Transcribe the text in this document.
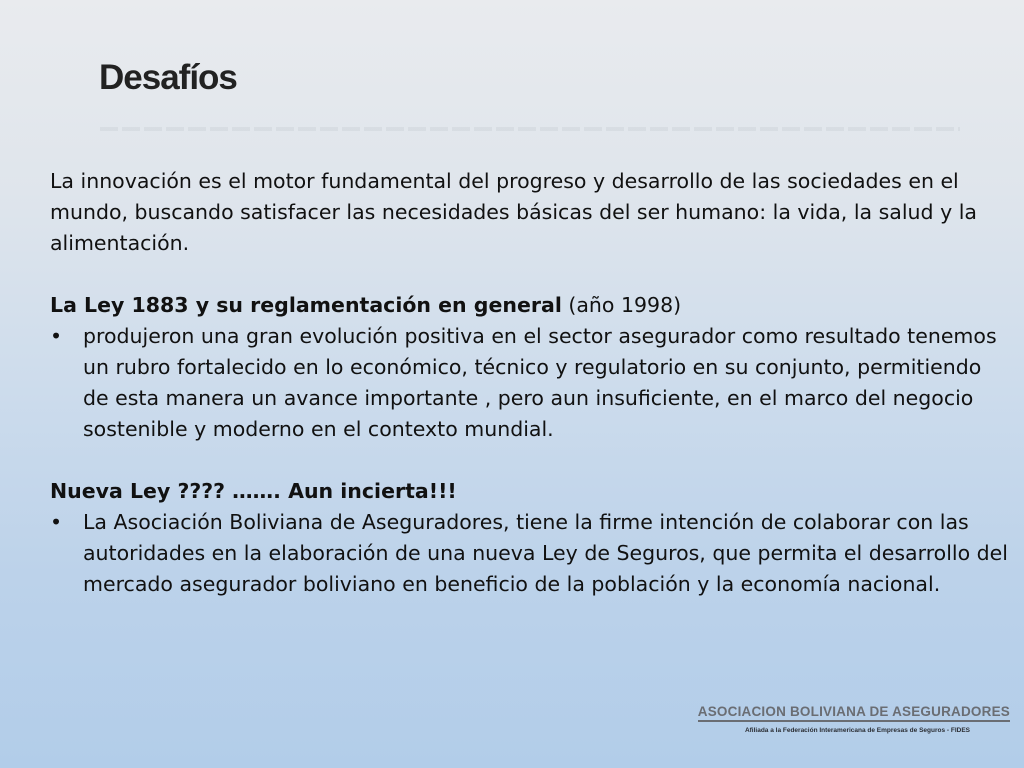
Desafíos

La innovación es el motor fundamental del progreso y desarrollo de las sociedades en el mundo, buscando satisfacer las necesidades básicas del ser humano: la vida, la salud y la alimentación.

La Ley 1883 y su reglamentación en general (año 1998)

• produjeron una gran evolución positiva en el sector asegurador como resultado tenemos un rubro fortalecido en lo económico, técnico y regulatorio en su conjunto, permitiendo de esta manera un avance importante , pero aun insuficiente, en el marco del negocio sostenible y moderno en el contexto mundial.

Nueva Ley ???? ……. Aun incierta!!!

• La Asociación Boliviana de Aseguradores, tiene la firme intención de colaborar con las autoridades en la elaboración de una nueva Ley de Seguros, que permita el desarrollo del mercado asegurador boliviano en beneficio de la población y la economía nacional.

ASOCIACION BOLIVIANA DE ASEGURADORES
Afiliada a la Federación Interamericana de Empresas de Seguros - FIDES
